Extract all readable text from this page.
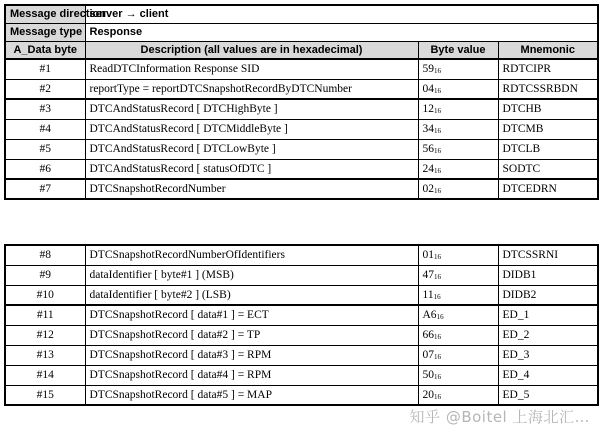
Message direction	server → client		
Message type	Response		
A_Data byte	Description (all values are in hexadecimal)	Byte value	Mnemonic
#1	ReadDTCInformation Response SID	$59_{16}$	RDTCIPR
#2	reportType = reportDTCSnapshotRecordByDTCNumber	$04_{16}$	RDTCSSRBDN
#3	DTCAndStatusRecord [ DTCHighByte ]	$12_{16}$	DTCHB
#4	DTCAndStatusRecord [ DTCMiddleByte ]	$34_{16}$	DTCMB
#5	DTCAndStatusRecord [ DTCLowByte ]	$56_{16}$	DTCLB
#6	DTCAndStatusRecord [ statusOfDTC ]	$24_{16}$	SODTC
#7	DTCSnapshotRecordNumber	$02_{16}$	DTCEDRN
#8	DTCSnapshotRecordNumberOfIdentifiers	$01_{16}$	DTCSSRNI
#9	dataIdentifier [ byte#1 ] (MSB)	$47_{16}$	DIDB1
#10	dataIdentifier [ byte#2 ] (LSB)	$11_{16}$	DIDB2
#11	DTCSnapshotRecord [ data#1 ] = ECT	$A6_{16}$	ED_1
#12	DTCSnapshotRecord [ data#2 ] = TP	$66_{16}$	ED_2
#13	DTCSnapshotRecord [ data#3 ] = RPM	$07_{16}$	ED_3
#14	DTCSnapshotRecord [ data#4 ] = RPM	$50_{16}$	ED_4
#15	DTCSnapshotRecord [ data#5 ] = MAP	$20_{16}$	ED_5
知乎 @Boitel 上海北汇…
